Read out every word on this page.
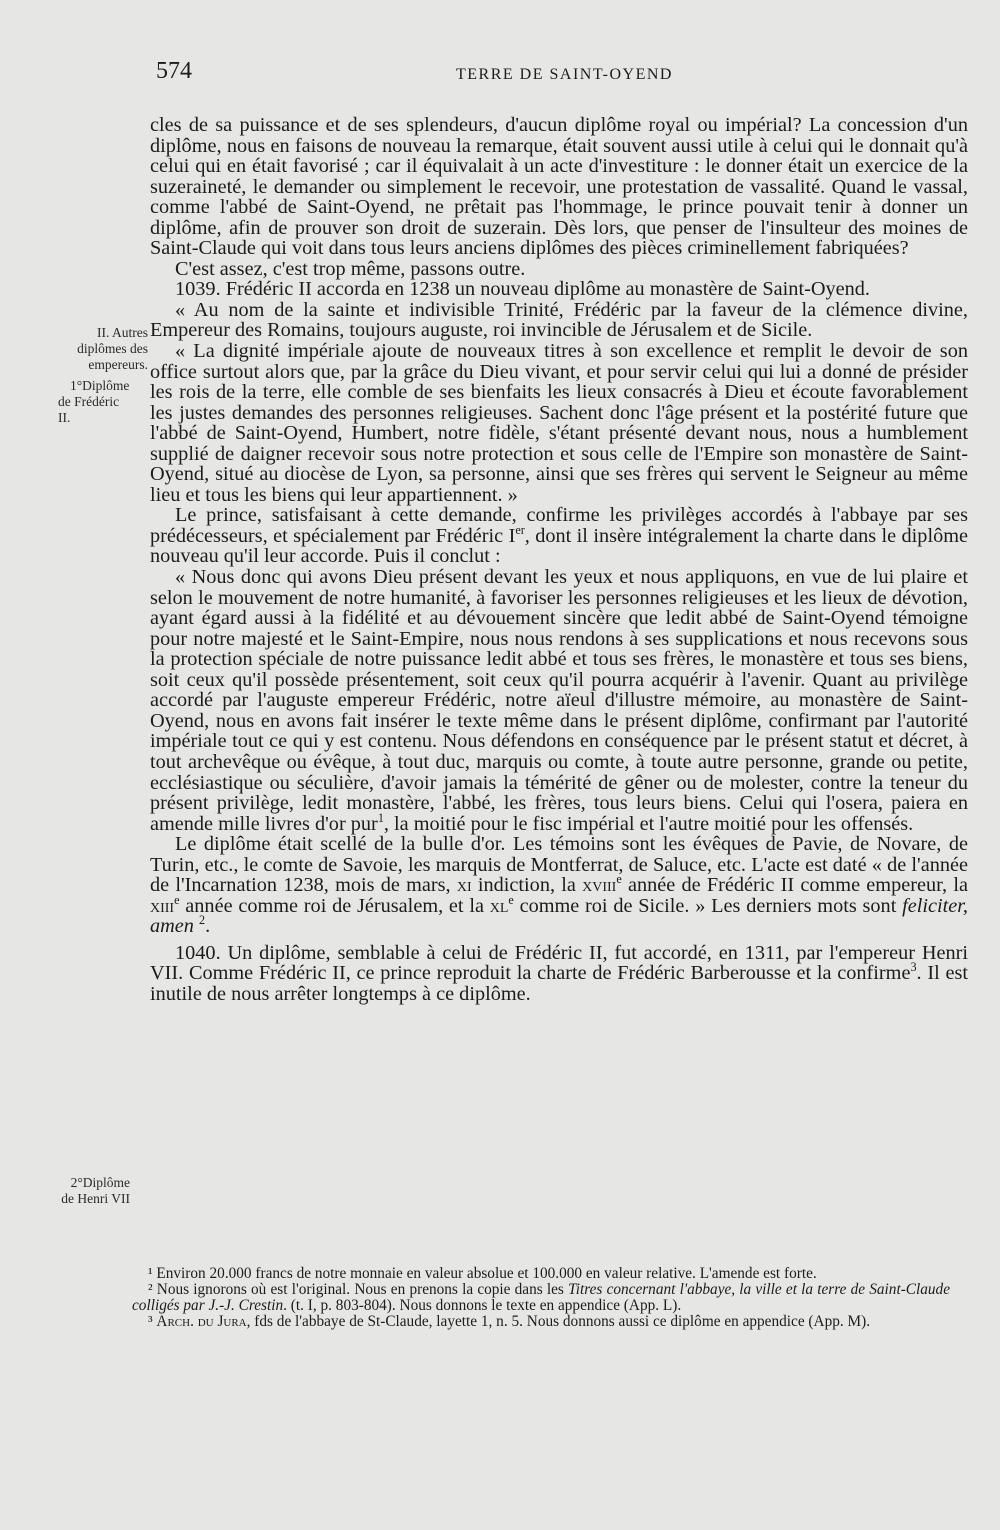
574	TERRE DE SAINT-OYEND
II. Autres
diplômes des
empereurs.
1°Diplôme
de Frédéric
II.
2°Diplôme
de Henri VII

cles de sa puissance et de ses splendeurs, d'aucun diplôme royal ou impérial? La concession d'un diplôme, nous en faisons de nouveau la remarque, était souvent aussi utile à celui qui le donnait qu'à celui qui en était favorisé ; car il équivalait à un acte d'investiture : le donner était un exercice de la suzeraineté, le demander ou simplement le recevoir, une protestation de vassalité. Quand le vassal, comme l'abbé de Saint-Oyend, ne prêtait pas l'hommage, le prince pouvait tenir à donner un diplôme, afin de prouver son droit de suzerain. Dès lors, que penser de l'insulteur des moines de Saint-Claude qui voit dans tous leurs anciens diplômes des pièces criminellement fabriquées?

C'est assez, c'est trop même, passons outre.

1039. Frédéric II accorda en 1238 un nouveau diplôme au monastère de Saint-Oyend.

« Au nom de la sainte et indivisible Trinité, Frédéric par la faveur de la clémence divine, Empereur des Romains, toujours auguste, roi invincible de Jérusalem et de Sicile.

« La dignité impériale ajoute de nouveaux titres à son excellence et remplit le devoir de son office surtout alors que, par la grâce du Dieu vivant, et pour servir celui qui lui a donné de présider les rois de la terre, elle comble de ses bienfaits les lieux consacrés à Dieu et écoute favorablement les justes demandes des personnes religieuses. Sachent donc l'âge présent et la postérité future que l'abbé de Saint-Oyend, Humbert, notre fidèle, s'étant présenté devant nous, nous a humblement supplié de daigner recevoir sous notre protection et sous celle de l'Empire son monastère de Saint-Oyend, situé au diocèse de Lyon, sa personne, ainsi que ses frères qui servent le Seigneur au même lieu et tous les biens qui leur appartiennent. »

Le prince, satisfaisant à cette demande, confirme les privilèges accordés à l'abbaye par ses prédécesseurs, et spécialement par Frédéric Ier, dont il insère intégralement la charte dans le diplôme nouveau qu'il leur accorde. Puis il conclut :

« Nous donc qui avons Dieu présent devant les yeux et nous appliquons, en vue de lui plaire et selon le mouvement de notre humanité, à favoriser les personnes religieuses et les lieux de dévotion, ayant égard aussi à la fidélité et au dévouement sincère que ledit abbé de Saint-Oyend témoigne pour notre majesté et le Saint-Empire, nous nous rendons à ses supplications et nous recevons sous la protection spéciale de notre puissance ledit abbé et tous ses frères, le monastère et tous ses biens, soit ceux qu'il possède présentement, soit ceux qu'il pourra acquérir à l'avenir. Quant au privilège accordé par l'auguste empereur Frédéric, notre aïeul d'illustre mémoire, au monastère de Saint-Oyend, nous en avons fait insérer le texte même dans le présent diplôme, confirmant par l'autorité impériale tout ce qui y est contenu. Nous défendons en conséquence par le présent statut et décret, à tout archevêque ou évêque, à tout duc, marquis ou comte, à toute autre personne, grande ou petite, ecclésiastique ou séculière, d'avoir jamais la témérité de gêner ou de molester, contre la teneur du présent privilège, ledit monastère, l'abbé, les frères, tous leurs biens. Celui qui l'osera, paiera en amende mille livres d'or pur$^1$, la moitié pour le fisc impérial et l'autre moitié pour les offensés.

Le diplôme était scellé de la bulle d'or. Les témoins sont les évêques de Pavie, de Novare, de Turin, etc., le comte de Savoie, les marquis de Montferrat, de Saluce, etc. L'acte est daté « de l'année de l'Incarnation 1238, mois de mars, xi indiction, la xviii$^e$ année de Frédéric II comme empereur, la xiii$^e$ année comme roi de Jérusalem, et la $xl^e$ comme roi de Sicile. » Les derniers mots sont feliciter, amen $^2$.

1040. Un diplôme, semblable à celui de Frédéric II, fut accordé, en 1311, par l'empereur Henri VII. Comme Frédéric II, ce prince reproduit la charte de Frédéric Barberousse et la confirme$^3$. Il est inutile de nous arrêter longtemps à ce diplôme.

¹ Environ 20.000 francs de notre monnaie en valeur absolue et 100.000 en valeur relative. L'amende est forte.

² Nous ignorons où est l'original. Nous en prenons la copie dans les Titres concernant l'abbaye, la ville et la terre de Saint-Claude colligés par J.-J. Crestin. (t. I, p. 803-804). Nous donnons le texte en appendice (App. L).

³ Arch. du Jura, fds de l'abbaye de St-Claude, layette 1, n. 5. Nous donnons aussi ce diplôme en appendice (App. M).
